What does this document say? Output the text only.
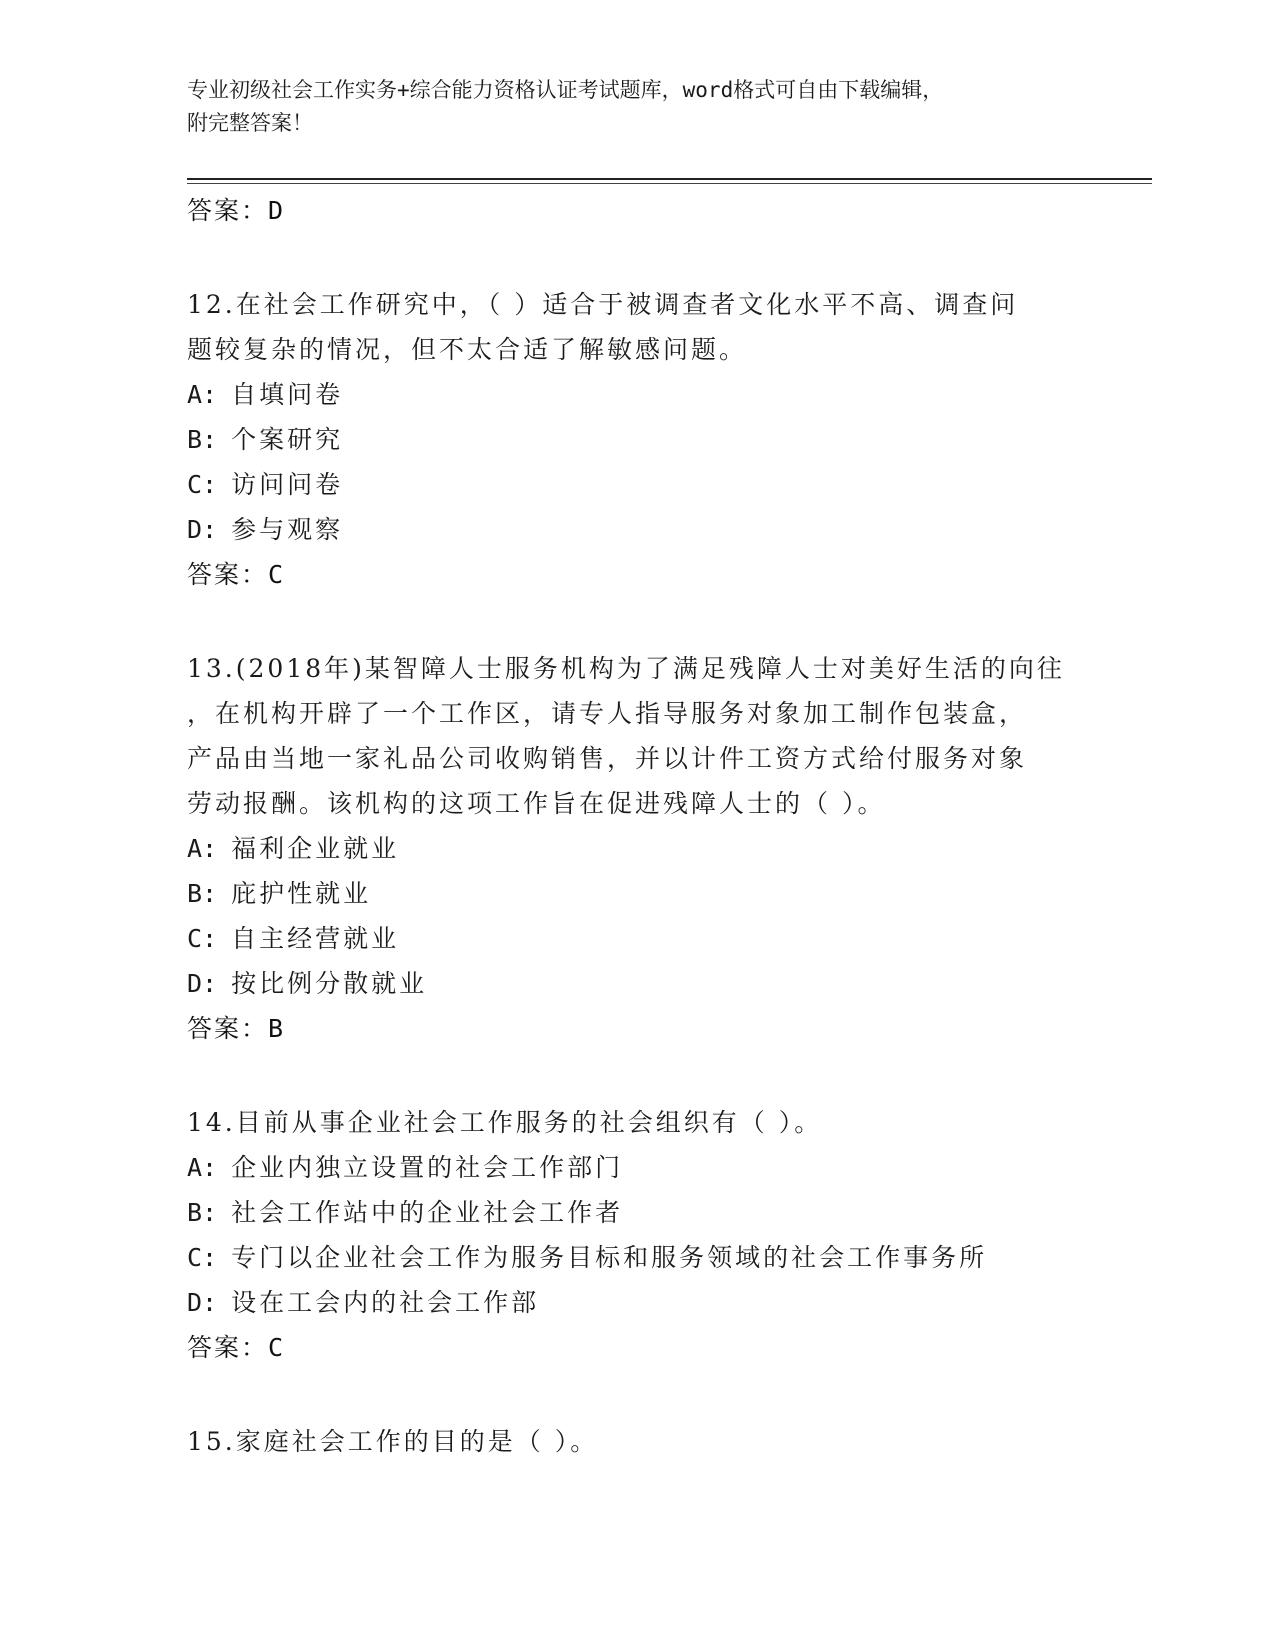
专业初级社会工作实务+综合能力资格认证考试题库，word格式可自由下载编辑，
附完整答案！
答案：D
12.在社会工作研究中，（ ）适合于被调查者文化水平不高、调查问
题较复杂的情况，但不太合适了解敏感问题。
A: 自填问卷
B: 个案研究
C: 访问问卷
D: 参与观察
答案：C
13.(2018年)某智障人士服务机构为了满足残障人士对美好生活的向往
，在机构开辟了一个工作区，请专人指导服务对象加工制作包装盒，
产品由当地一家礼品公司收购销售，并以计件工资方式给付服务对象
劳动报酬。该机构的这项工作旨在促进残障人士的（ ）。
A: 福利企业就业
B: 庇护性就业
C: 自主经营就业
D: 按比例分散就业
答案：B
14.目前从事企业社会工作服务的社会组织有（ ）。
A: 企业内独立设置的社会工作部门
B: 社会工作站中的企业社会工作者
C: 专门以企业社会工作为服务目标和服务领域的社会工作事务所
D: 设在工会内的社会工作部
答案：C
15.家庭社会工作的目的是（ ）。
